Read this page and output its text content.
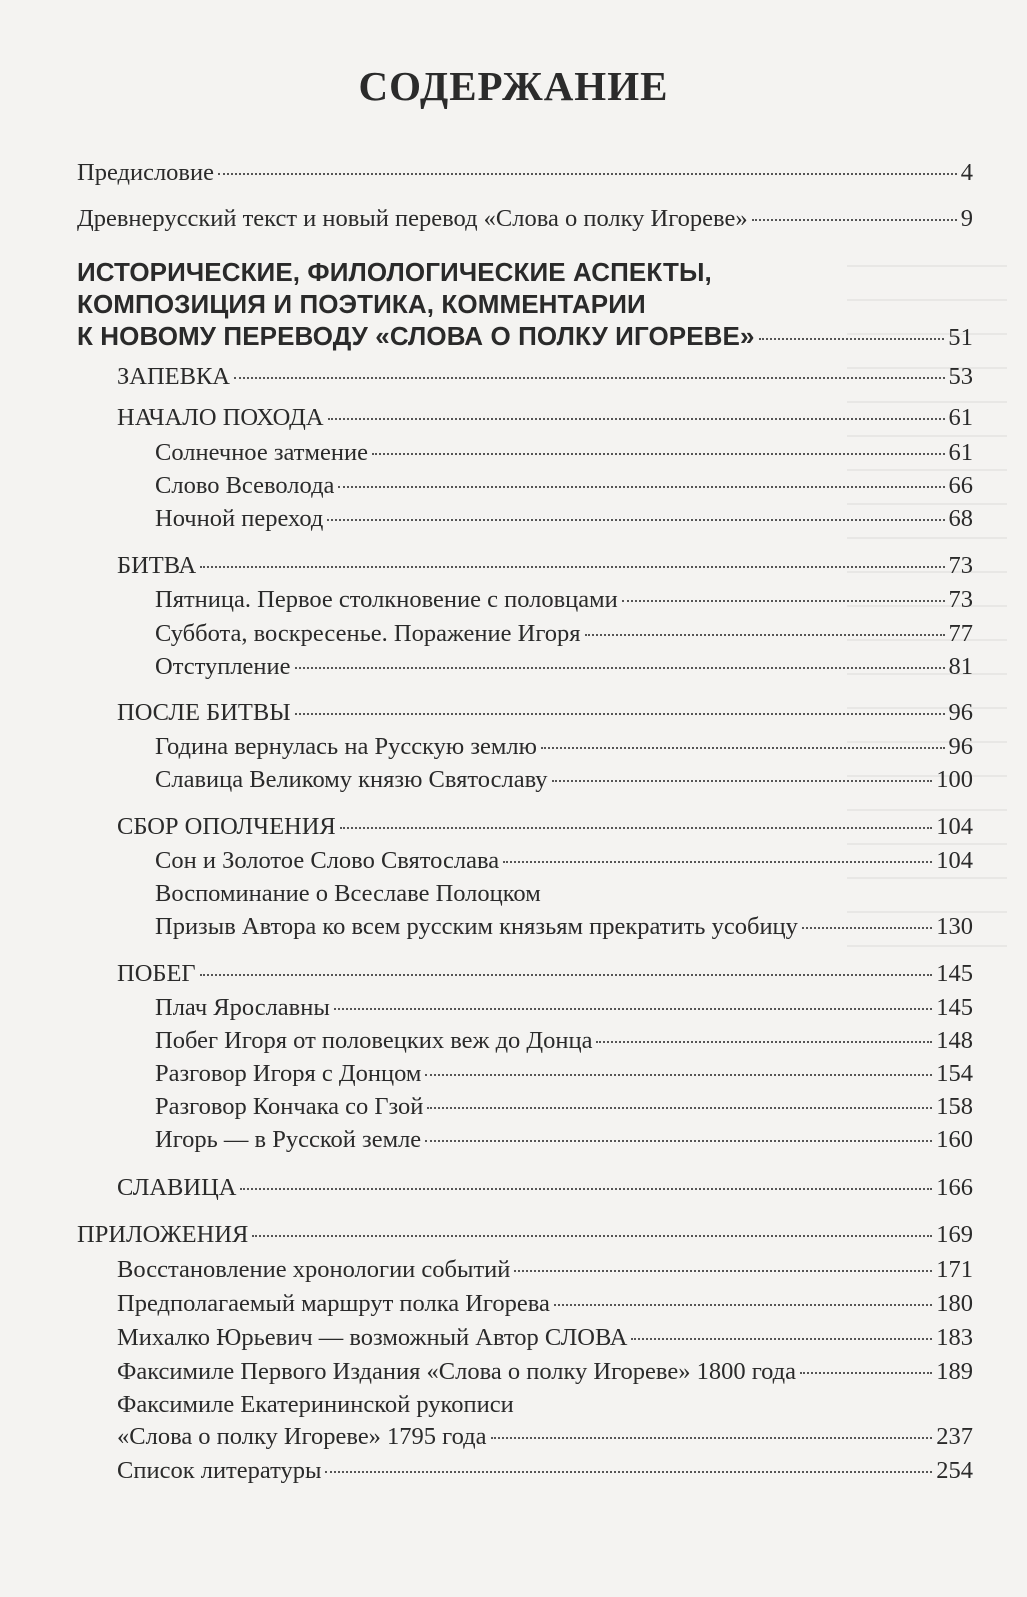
СОДЕРЖАНИЕ
Предисловие	4
Древнерусский текст и новый перевод «Слова о полку Игореве»	9
ИСТОРИЧЕСКИЕ, ФИЛОЛОГИЧЕСКИЕ АСПЕКТЫ,
КОМПОЗИЦИЯ И ПОЭТИКА, КОММЕНТАРИИ
К НОВОМУ ПЕРЕВОДУ «СЛОВА О ПОЛКУ ИГОРЕВЕ»	51
ЗАПЕВКА	53
НАЧАЛО ПОХОДА	61
Солнечное затмение	61
Слово Всеволода	66
Ночной переход	68
БИТВА	73
Пятница. Первое столкновение с половцами	73
Суббота, воскресенье. Поражение Игоря	77
Отступление	81
ПОСЛЕ БИТВЫ	96
Година вернулась на Русскую землю	96
Славица Великому князю Святославу	100
СБОР ОПОЛЧЕНИЯ	104
Сон и Золотое Слово Святослава	104
Воспоминание о Всеславе Полоцком
Призыв Автора ко всем русским князьям прекратить усобицу	130
ПОБЕГ	145
Плач Ярославны	145
Побег Игоря от половецких веж до Донца	148
Разговор Игоря с Донцом	154
Разговор Кончака со Гзой	158
Игорь — в Русской земле	160
СЛАВИЦА	166
ПРИЛОЖЕНИЯ	169
Восстановление хронологии событий	171
Предполагаемый маршрут полка Игорева	180
Михалко Юрьевич — возможный Автор СЛОВА	183
Факсимиле Первого Издания «Слова о полку Игореве» 1800 года	189
Факсимиле Екатерининской рукописи
«Слова о полку Игореве» 1795 года	237
Список литературы	254
